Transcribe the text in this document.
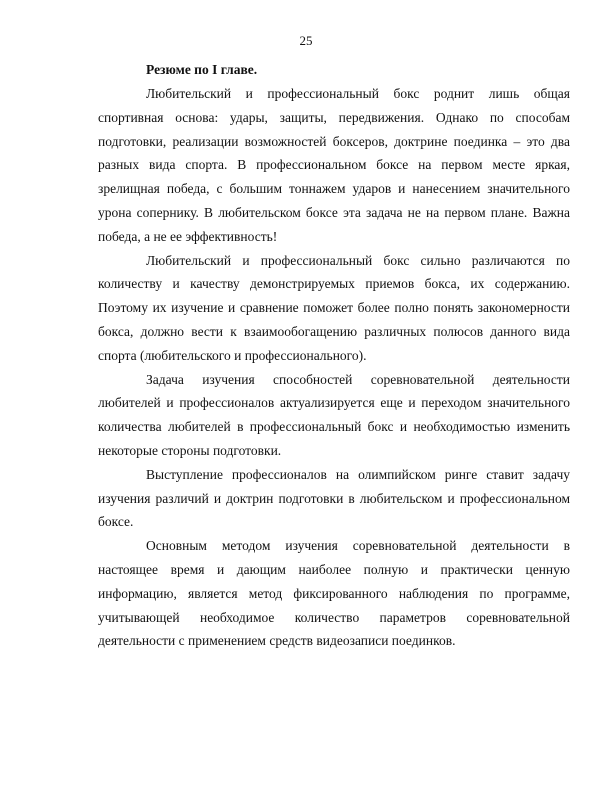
25

Резюме по I главе.

Любительский и профессиональный бокс роднит лишь общая спортивная основа: удары, защиты, передвижения. Однако по способам подготовки, реализации возможностей боксеров, доктрине поединка – это два разных вида спорта. В профессиональном боксе на первом месте яркая, зрелищная победа, с большим тоннажем ударов и нанесением значительного урона сопернику. В любительском боксе эта задача не на первом плане. Важна победа, а не ее эффективность!

Любительский и профессиональный бокс сильно различаются по количеству и качеству демонстрируемых приемов бокса, их содержанию. Поэтому их изучение и сравнение поможет более полно понять закономерности бокса, должно вести к взаимообогащению различных полюсов данного вида спорта (любительского и профессионального).

Задача изучения способностей соревновательной деятельности любителей и профессионалов актуализируется еще и переходом значительного количества любителей в профессиональный бокс и необходимостью изменить некоторые стороны подготовки.

Выступление профессионалов на олимпийском ринге ставит задачу изучения различий и доктрин подготовки в любительском и профессиональном боксе.

Основным методом изучения соревновательной деятельности в настоящее время и дающим наиболее полную и практически ценную информацию, является метод фиксированного наблюдения по программе, учитывающей необходимое количество параметров соревновательной деятельности с применением средств видеозаписи поединков.
